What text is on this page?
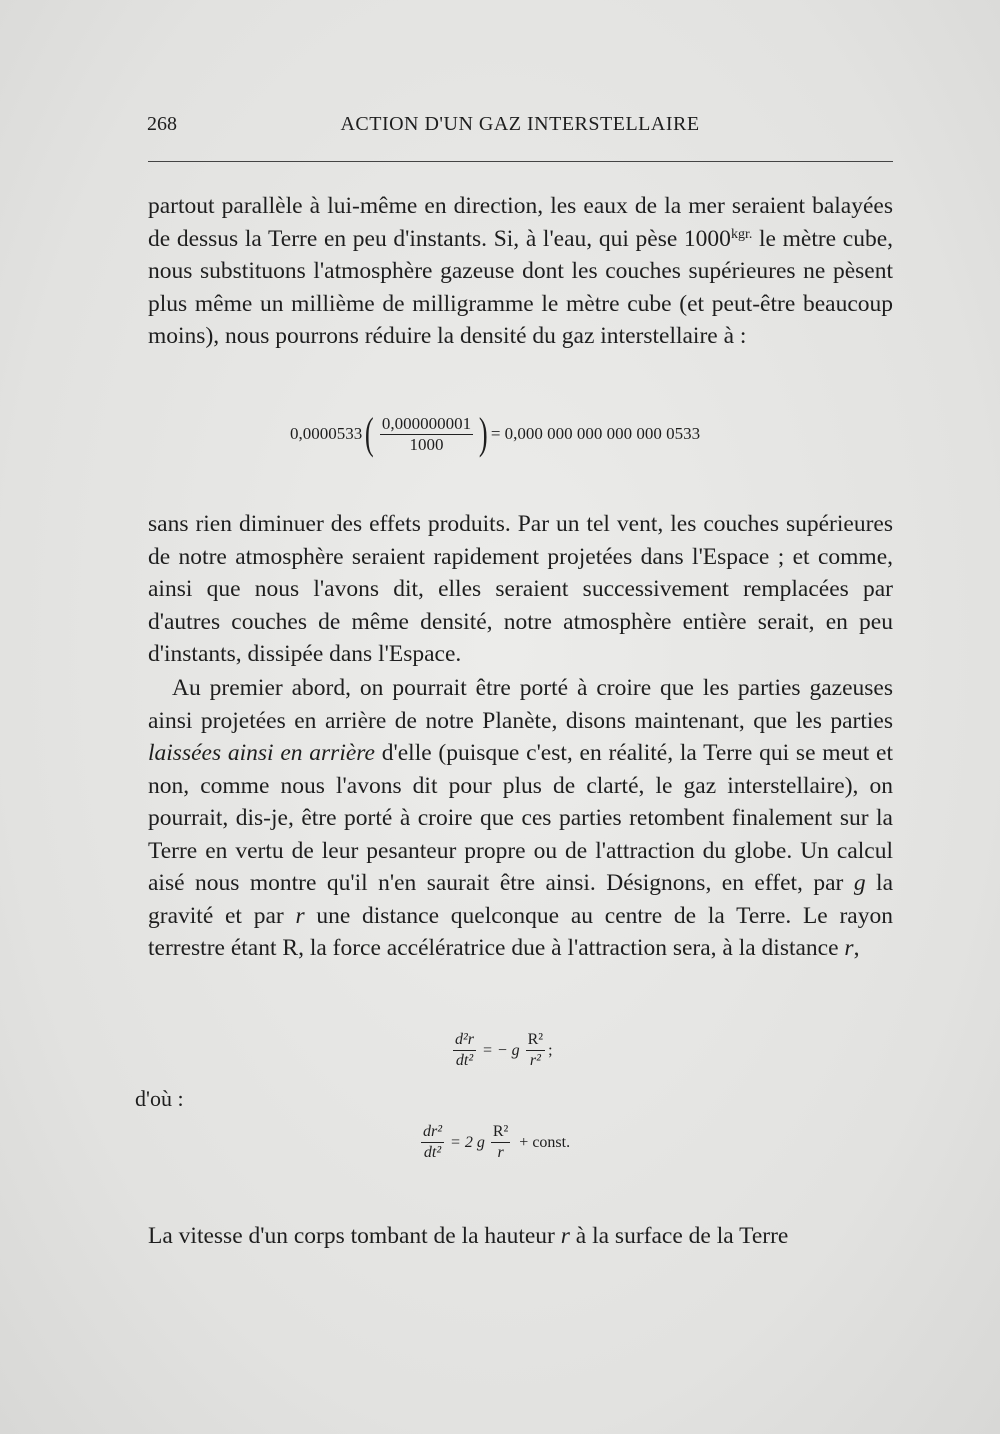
268	ACTION D'UN GAZ INTERSTELLAIRE
partout parallèle à lui-même en direction, les eaux de la mer seraient balayées de dessus la Terre en peu d'instants. Si, à l'eau, qui pèse $1000^{kgr.}$ le mètre cube, nous substituons l'atmosphère gazeuse dont les couches supérieures ne pèsent plus même un millième de milligramme le mètre cube (et peut-être beaucoup moins), nous pourrons réduire la densité du gaz interstellaire à :
0,0000533 ( $\frac{0,000000001}{1000}$ ) = 0,000 000 000 000 000 0533
sans rien diminuer des effets produits. Par un tel vent, les couches supérieures de notre atmosphère seraient rapidement projetées dans l'Espace ; et comme, ainsi que nous l'avons dit, elles seraient successivement remplacées par d'autres couches de même densité, notre atmosphère entière serait, en peu d'instants, dissipée dans l'Espace.
Au premier abord, on pourrait être porté à croire que les parties gazeuses ainsi projetées en arrière de notre Planète, disons maintenant, que les parties laissées ainsi en arrière d'elle (puisque c'est, en réalité, la Terre qui se meut et non, comme nous l'avons dit pour plus de clarté, le gaz interstellaire), on pourrait, dis-je, être porté à croire que ces parties retombent finalement sur la Terre en vertu de leur pesanteur propre ou de l'attraction du globe. Un calcul aisé nous montre qu'il n'en saurait être ainsi. Désignons, en effet, par g la gravité et par r une distance quelconque au centre de la Terre. Le rayon terrestre étant R, la force accélératrice due à l'attraction sera, à la distance r,
$\frac{\text{d²r}}{\text{dt²}}$ = − g $\frac{\text{R²}}{\text{r²}}$ ;
d'où :
$\frac{\text{dr²}}{\text{dt²}} = 2$ g $\frac{\text{R²}}{r}$ + const.
La vitesse d'un corps tombant de la hauteur r à la surface de la Terre
